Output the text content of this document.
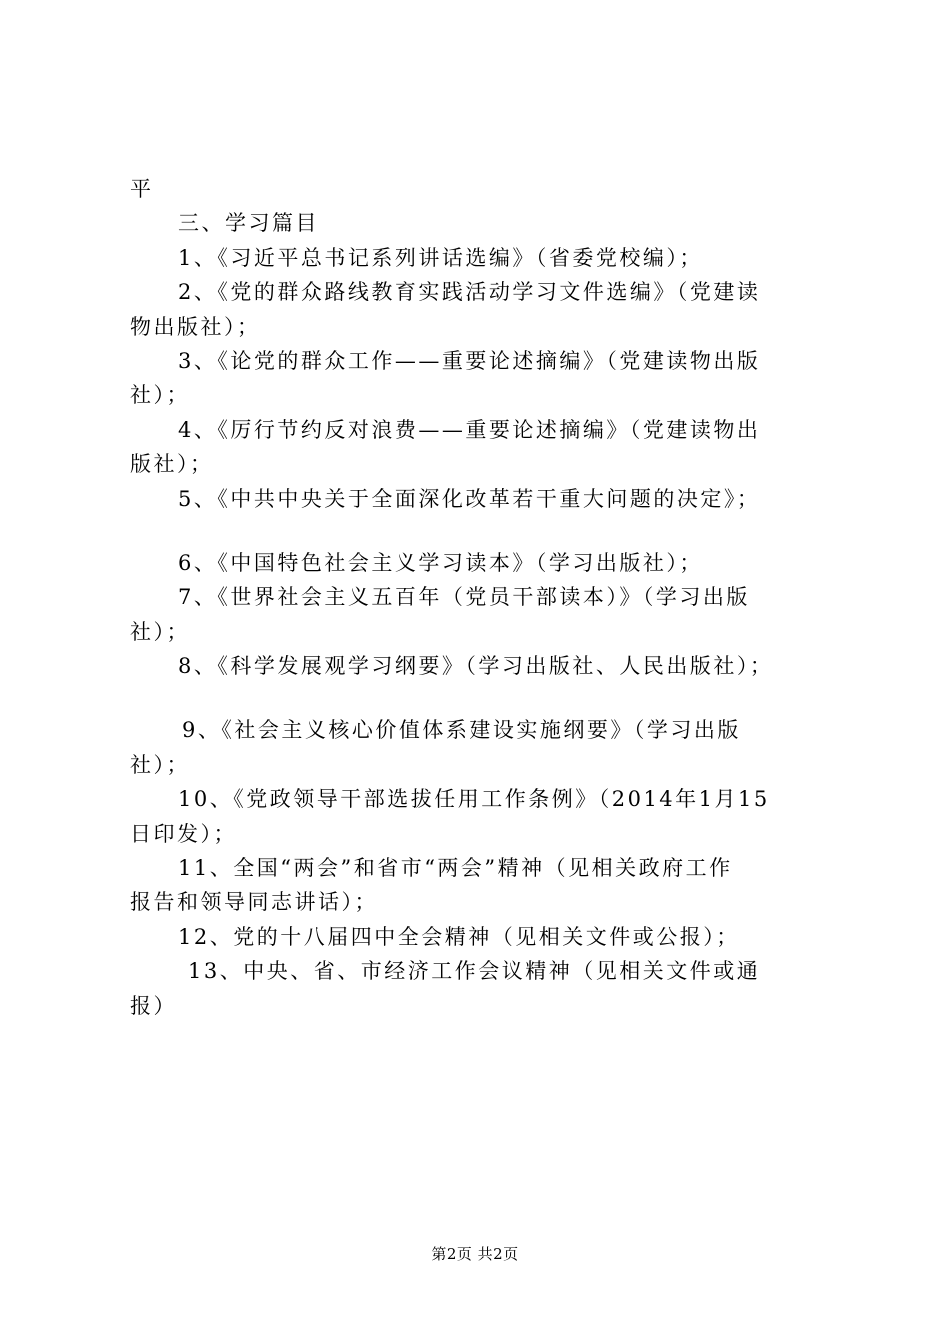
平
三、学习篇目
1、《习近平总书记系列讲话选编》（省委党校编）；
2、《党的群众路线教育实践活动学习文件选编》（党建读
物出版社）；
3、《论党的群众工作——重要论述摘编》（党建读物出版
社）；
4、《厉行节约反对浪费——重要论述摘编》（党建读物出
版社）；
5、《中共中央关于全面深化改革若干重大问题的决定》；
6、《中国特色社会主义学习读本》（学习出版社）；
7、《世界社会主义五百年（党员干部读本）》（学习出版
社）；
8、《科学发展观学习纲要》（学习出版社、人民出版社）；
9、《社会主义核心价值体系建设实施纲要》（学习出版
社）；
10、《党政领导干部选拔任用工作条例》（2014年1月15
日印发）；
11、全国“两会”和省市“两会”精神（见相关政府工作
报告和领导同志讲话）；
12、党的十八届四中全会精神（见相关文件或公报）；
13、中央、省、市经济工作会议精神（见相关文件或通
报）
第2页 共2页
